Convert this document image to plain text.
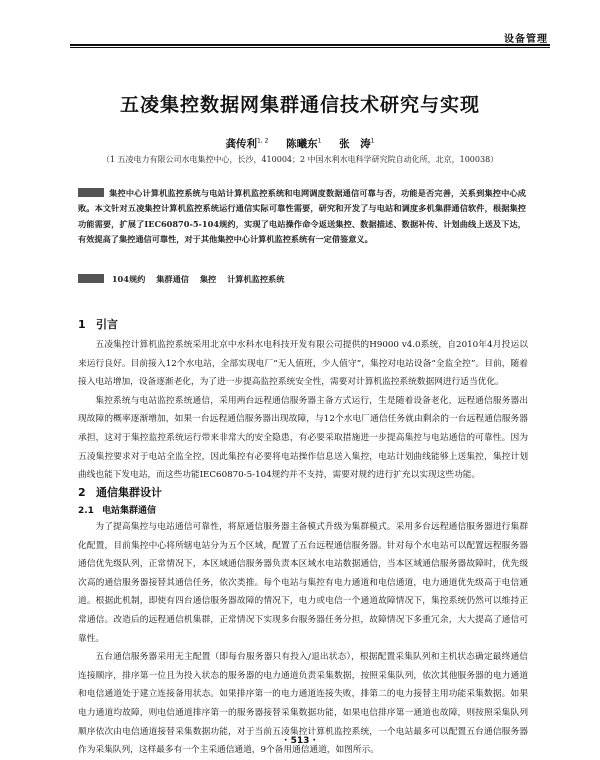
设备管理
五凌集控数据网集群通信技术研究与实现
龚传利$^{1, 2}$ 陈曦东$^1$ 张　涛$^1$
（1 五凌电力有限公司水电集控中心，长沙，410004；2 中国水利水电科学研究院自动化所，北京，100038）
集控中心计算机监控系统与电站计算机监控系统和电网调度数据通信可靠与否，功能是否完善，关系到集控中心成败。本文针对五凌集控计算机监控系统运行通信实际可靠性需要，研究和开发了与电站和调度多机集群通信软件，根据集控功能需要，扩展了IEC60870-5-104规约，实现了电站操作命令返送集控、数据描述、数据补传、计划曲线上送及下达，有效提高了集控通信可靠性，对于其他集控中心计算机监控系统有一定借鉴意义。
104规约 集群通信 集控 计算机监控系统
1 引言

五凌集控计算机监控系统采用北京中水科水电科技开发有限公司提供的H9000 v4.0系统，自2010年4月投运以来运行良好。目前接入12个水电站，全部实现电厂“无人值班，少人值守”，集控对电站设备“全监全控”。目前，随着接入电站增加，设备逐渐老化，为了进一步提高监控系统安全性，需要对计算机监控系统数据网进行适当优化。

集控系统与电站监控系统通信，采用两台远程通信服务器主备方式运行，生是随着设备老化，远程通信服务器出现故障的概率逐渐增加，如果一台远程通信服务器出现故障，与12个水电厂通信任务就由剩余的一台远程通信服务器承担，这对于集控监控系统运行带来非常大的安全隐患，有必要采取措施进一步提高集控与电站通信的可靠性。因为五凌集控要求对于电站全监全控，因此集控有必要将电站操作信息送入集控，电站计划曲线能够上送集控，集控计划曲线也能下发电站，而这些功能IEC60870-5-104规约并不支持，需要对规约进行扩充以实现这些功能。

2 通信集群设计
2.1 电站集群通信

为了提高集控与电站通信可靠性，将原通信服务器主备模式升级为集群模式。采用多台远程通信服务器进行集群化配置，目前集控中心将所辖电站分为五个区域，配置了五台远程通信服务器。针对每个水电站可以配置远程服务器通信优先级队列，正常情况下，本区域通信服务器负责本区域水电站数据通信，当本区域通信服务器故障时，优先级次高的通信服务器接替其通信任务，依次类推。每个电站与集控有电力通道和电信通道，电力通道优先级高于电信通道。根据此机制，即使有四台通信服务器故障的情况下，电力或电信一个通道故障情况下，集控系统仍然可以维持正常通信。改造后的远程通信机集群，正常情况下实现多台服务器任务分担，故障情况下多重冗余，大大提高了通信可靠性。

五台通信服务器采用无主配置（即每台服务器只有投入/退出状态），根据配置采集队列和主机状态确定最终通信连接顺序，排序第一位且为投入状态的服务器的电力通道负责采集数据，按照采集队列，依次其他服务器的电力通道和电信通道处于建立连接备用状态。如果排序第一的电力通道连接失败，排第二的电力接替主用功能采集数据。如果电力通道均故障，则电信通道排序第一的服务器接替采集数据功能，如果电信排序第一通道也故障，则按照采集队列顺序依次由电信通道接替采集数据功能，对于当前五凌集控计算机监控系统，一个电站最多可以配置五台通信服务器作为采集队列，这样最多有一个主采通信通道，9个备用通信通道，如图所示。

· 513 ·
